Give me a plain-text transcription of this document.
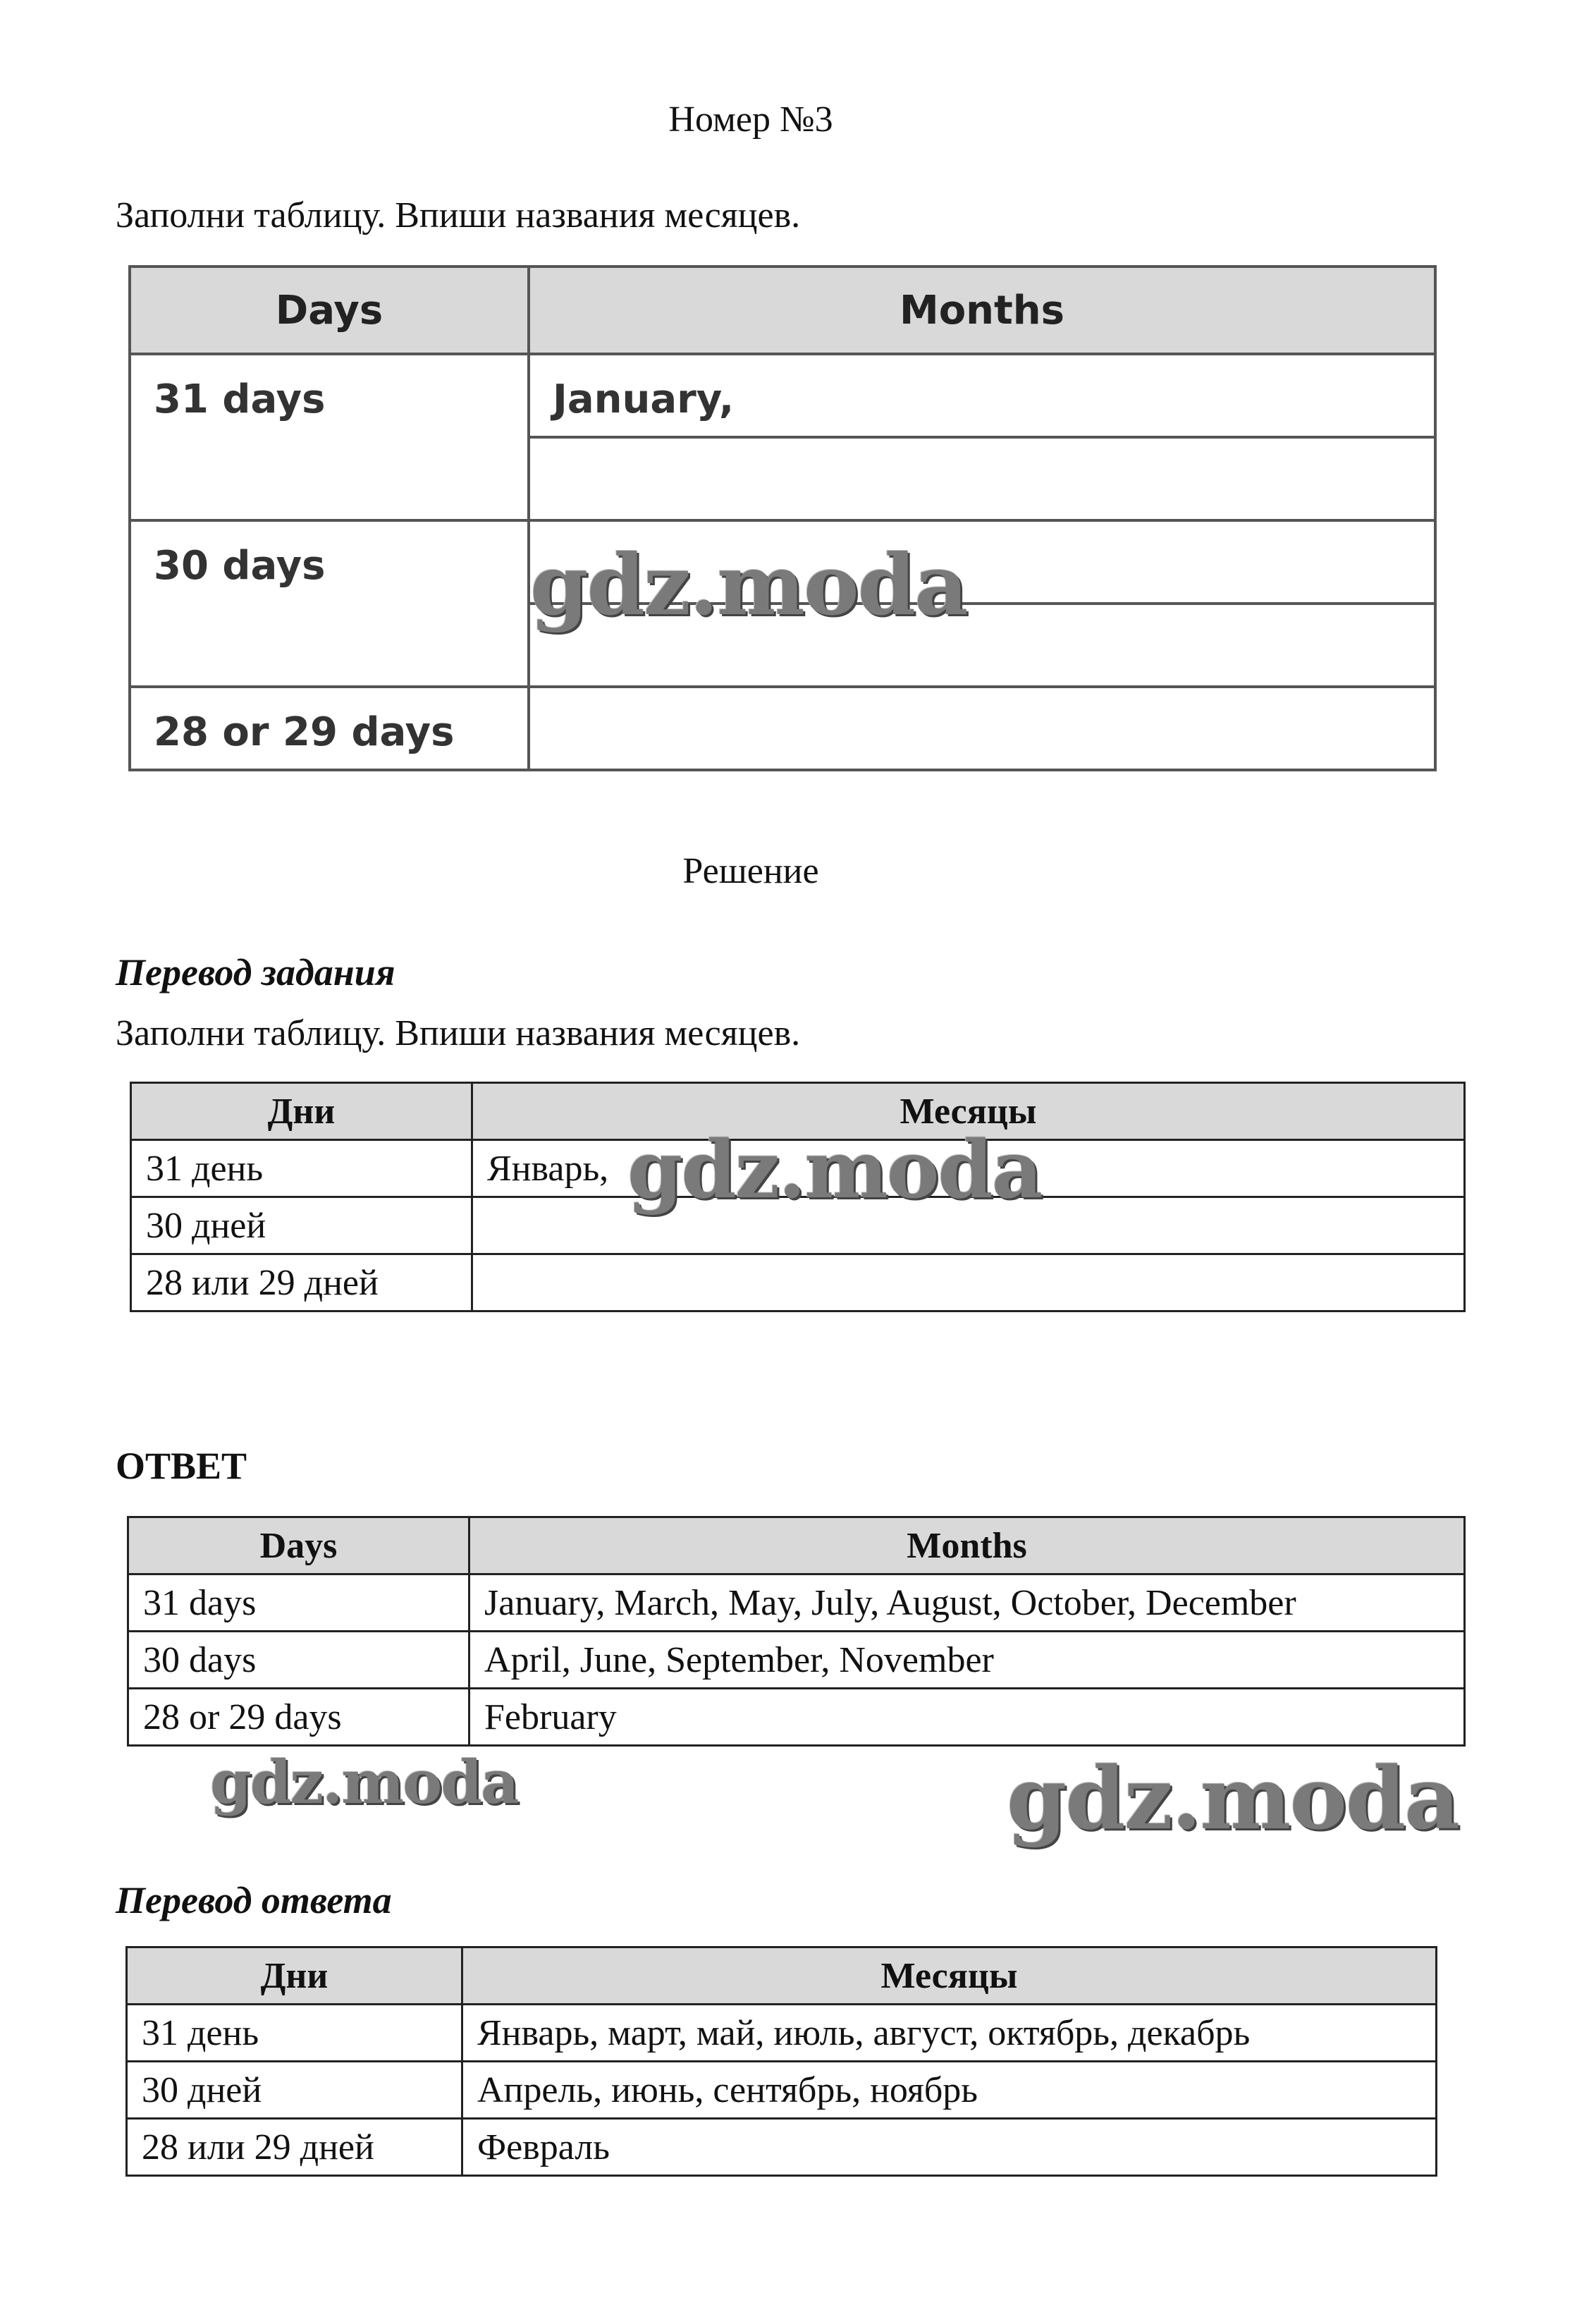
Номер №3
Заполни таблицу. Впиши названия месяцев.
Days	Months
31 days	January,

30 days	

28 or 29 days	
Решение
Перевод задания
Заполни таблицу. Впиши названия месяцев.
Дни	Месяцы
31 день	Январь,
30 дней	
28 или 29 дней	
ОТВЕТ
Days	Months
31 days	January, March, May, July, August, October, December
30 days	April, June, September, November
28 or 29 days	February
Перевод ответа
Дни	Месяцы
31 день	Январь, март, май, июль, август, октябрь, декабрь
30 дней	Апрель, июнь, сентябрь, ноябрь
28 или 29 дней	Февраль
gdz.moda
gdz.moda
gdz.moda	gdz.moda
